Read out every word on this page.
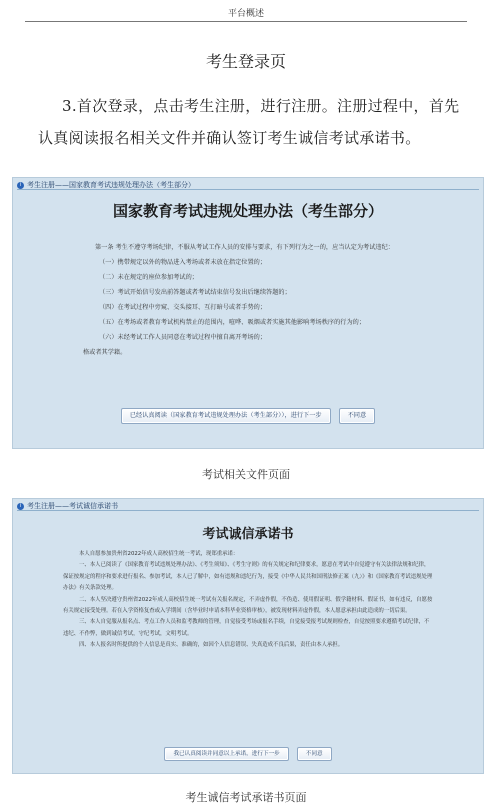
平台概述
考生登录页
3.首次登录，点击考生注册，进行注册。注册过程中，首先认真阅读报名相关文件并确认签订考生诚信考试承诺书。
i 考生注册——国家教育考试违规处理办法（考生部分）
国家教育考试违规处理办法（考生部分）

第一条 考生不遵守考场纪律，不服从考试工作人员的安排与要求，有下列行为之一的，应当认定为考试违纪：

（一）携带规定以外的物品进入考场或者未放在指定位置的；

（二）未在规定的座位参加考试的；

（三）考试开始信号发出前答题或者考试结束信号发出后继续答题的；

（四）在考试过程中旁窥、交头接耳、互打暗号或者手势的；

（五）在考场或者教育考试机构禁止的范围内，喧哗、吸烟或者实施其他影响考场秩序的行为的；

（六）未经考试工作人员同意在考试过程中擅自离开考场的；

格或者其学籍。

已经认真阅读（国家教育考试违规处理办法（考生部分）），进行下一步	不同意
考试相关文件页面
i 考生注册——考试诚信承诺书
考试诚信承诺书

本人自愿参加贵州省2022年成人高校招生统一考试，现郑重承诺：

一、本人已阅读了《国家教育考试违规处理办法》、《考生须知》、《考生守则》的有关规定和纪律要求，愿意在考试中自觉遵守有关法律法规和纪律，保证按规定的程序和要求进行报名、参加考试，本人已了解中，如有违规和违纪行为，接受《中华人民共和国刑法修正案（九）》和《国家教育考试违规处理办法》有关条款处理。

二、本人坚决遵守贵州省2022年成人高校招生统一考试有关报名规定，不弄虚作假，不伪造、使用假证明、假学籍材料、假证书，如有违反，自愿按有关规定接受处理。若在入学资格复查或入学期间（含毕业时申请本科毕业资格审核），被发现材料弄虚作假，本人愿意承担由此造成的一切后果。

三、本人自觉服从报名点、考点工作人员和监考教师的管理，自觉接受考场或报名手续，自觉接受报考试规则检查，自觉按照要求遵循考试纪律，不违纪、不作弊，做到诚信考试，守纪考试，文明考试。

四、本人报名时所提供的个人信息是真实、准确的，如因个人信息错误、失真造成不良后果，责任由本人承担。

我已认真阅读并同意以上承诺，进行下一步	不同意
考生诚信考试承诺书页面
